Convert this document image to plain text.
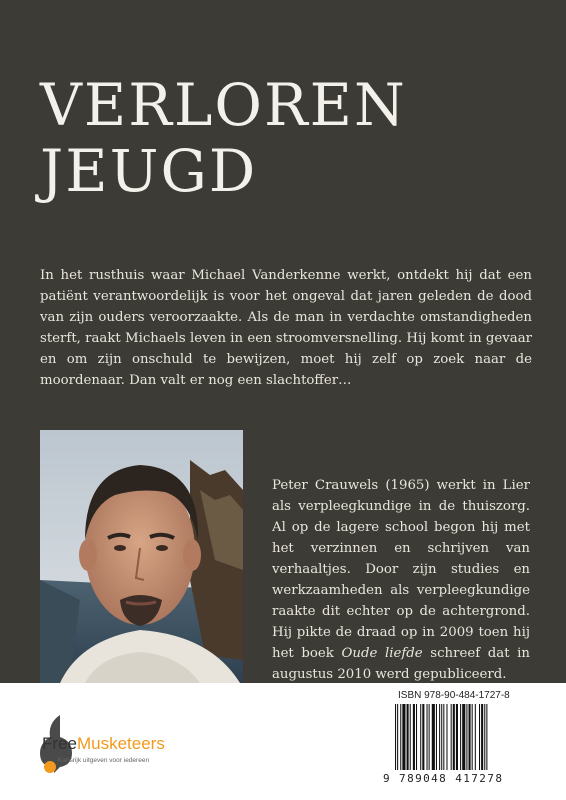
VERLOREN
JEUGD

In het rusthuis waar Michael Vanderkenne werkt, ontdekt hij dat een patiënt verantwoordelijk is voor het ongeval dat jaren geleden de dood van zijn ouders veroorzaakte. Als de man in verdachte omstandigheden sterft, raakt Michaels leven in een stroomversnelling. Hij komt in gevaar en om zijn onschuld te bewijzen, moet hij zelf op zoek naar de moordenaar. Dan valt er nog een slachtoffer…

Peter Crauwels (1965) werkt in Lier als verpleegkundige in de thuiszorg. Al op de lagere school begon hij met het verzinnen en schrijven van verhaaltjes. Door zijn studies en werkzaamheden als verpleegkundige raakte dit echter op de achtergrond. Hij pikte de draad op in 2009 toen hij het boek Oude liefde schreef dat in augustus 2010 werd gepubliceerd.

FreeMusketeers
Kansrijk uitgeven voor iedereen
ISBN 978-90-484-1727-8
9 789048 417278
